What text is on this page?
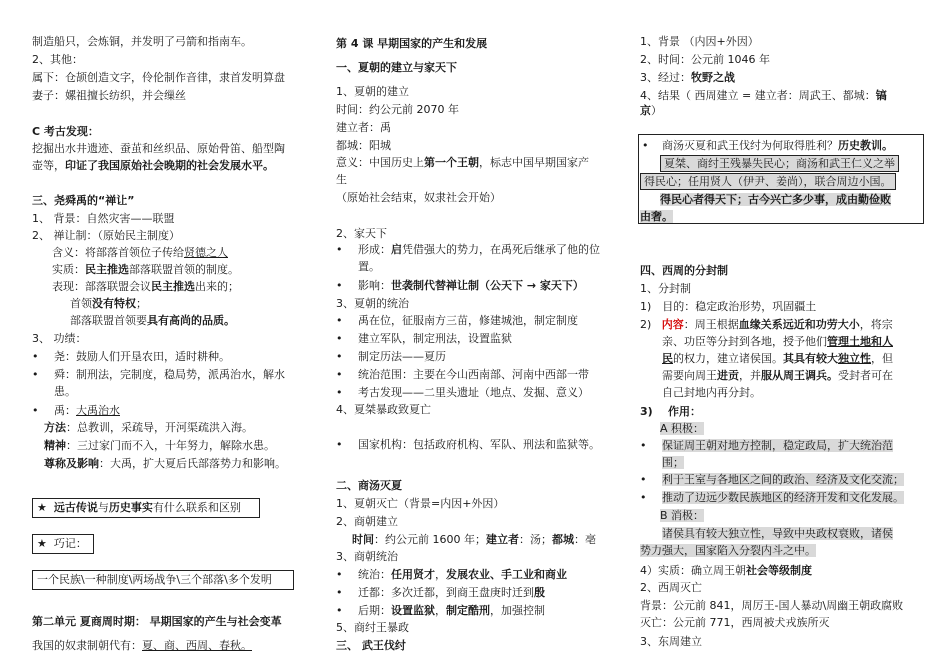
制造船只，会炼铜，并发明了弓箭和指南车。
2、其他：
属下：仓颉创造文字，伶伦制作音律，隶首发明算盘
妻子：嫘祖擅长纺织，并会缫丝
C 考古发现：
挖掘出水井遗迹、蚕茧和丝织品、原始骨笛、船型陶
壶等，印证了我国原始社会晚期的社会发展水平。
三、尧舜禹的“禅让”
1、 背景：自然灾害——联盟
2、 禅让制：（原始民主制度）
含义：将部落首领位子传给贤德之人
实质：民主推选部落联盟首领的制度。
表现：部落联盟会议民主推选出来的；
首领没有特权；
部落联盟首领要具有高尚的品质。
3、 功绩：
• 尧：鼓励人们开垦农田，适时耕种。
• 舜：制刑法，完制度，稳局势，派禹治水，解水
患。
• 禹：大禹治水
方法：总教训，采疏导，开河渠疏洪入海。
精神：三过家门而不入，十年努力，解除水患。
尊称及影响：大禹，扩大夏后氏部落势力和影响。
★ 远古传说与历史事实有什么联系和区别
★ 巧记：
一个民族\一种制度\两场战争\三个部落\多个发明
第二单元 夏商周时期： 早期国家的产生与社会变革
我国的奴隶制朝代有：夏、商、西周、春秋。
第 4 课 早期国家的产生和发展
一、夏朝的建立与家天下
1、夏朝的建立
时间：约公元前 2070 年
建立者：禹
都城：阳城
意义：中国历史上第一个王朝，标志中国早期国家产
生
（原始社会结束，奴隶社会开始）
2、家天下
• 形成：启凭借强大的势力，在禹死后继承了他的位
置。
• 影响：世袭制代替禅让制（公天下 → 家天下）
3、夏朝的统治
• 禹在位，征服南方三苗，修建城池，制定制度
• 建立军队，制定刑法，设置监狱
• 制定历法——夏历
• 统治范围：主要在今山西南部、河南中西部一带
• 考古发现——二里头遗址（地点、发掘、意义）
4、夏桀暴政致夏亡
• 国家机构：包括政府机构、军队、刑法和监狱等。
二、商汤灭夏
1、夏朝灭亡（背景=内因+外因）
2、商朝建立
时间：约公元前 1600 年；建立者：汤；都城：亳
3、商朝统治
• 统治：任用贤才，发展农业、手工业和商业
• 迁都：多次迁都，到商王盘庚时迁到殷
• 后期：设置监狱，制定酷刑，加强控制
5、商纣王暴政
三、 武王伐纣
1、背景 （内因+外因）
2、时间：公元前 1046 年
3、经过：牧野之战
4、结果（ 西周建立 = 建立者：周武王、都城：镐
京）
• 商汤灭夏和武王伐纣为何取得胜利？历史教训。
夏桀、商纣王残暴失民心；商汤和武王仁义之举
得民心；任用贤人（伊尹、姜尚），联合周边小国。
得民心者得天下；古今兴亡多少事，成由勤俭败
由奢。
四、西周的分封制
1、分封制
1)　目的：稳定政治形势，巩固疆土
2) 内容：周王根据血缘关系远近和功劳大小，将宗
亲、功臣等分封到各地，授予他们管理土地和人
民的权力，建立诸侯国。其具有较大独立性，但
需要向周王进贡，并服从周王调兵。受封者可在
自己封地内再分封。
3) 作用：
A 积极：
• 保证周王朝对地方控制，稳定政局，扩大统治范
围；
• 利于王室与各地区之间的政治、经济及文化交流；
• 推动了边远少数民族地区的经济开发和文化发展。
B 消极：
诸侯具有较大独立性，导致中央政权衰败，诸侯
势力强大，国家陷入分裂内斗之中。
4）实质：确立周王朝社会等级制度
2、西周灭亡
背景：公元前 841，周厉王-国人暴动\周幽王朝政腐败
灭亡：公元前 771，西周被犬戎族所灭
3、东周建立
